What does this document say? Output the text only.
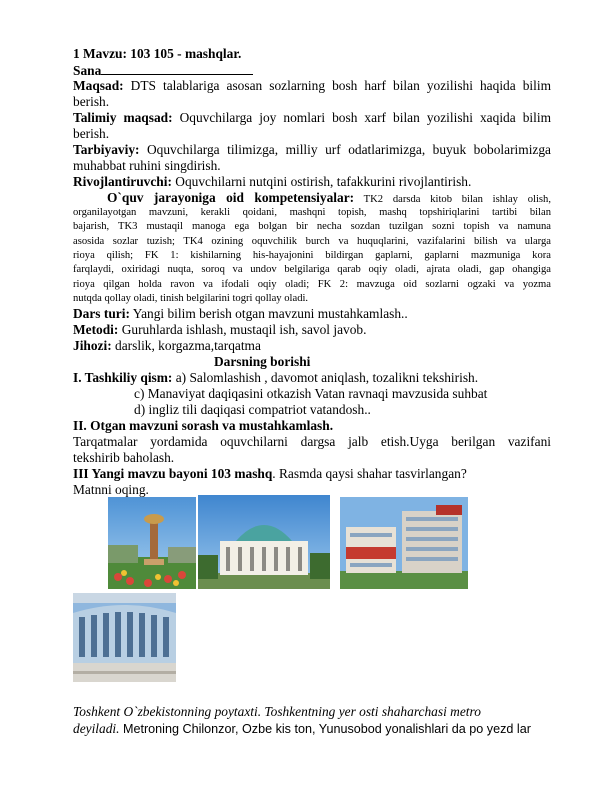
1 Mavzu: 103 105 - mashqlar.
Sana
Maqsad: DTS talablariga asosan sozlarning bosh harf bilan yozilishi haqida bilim
berish.
Talimiy maqsad: Oquvchilarga joy nomlari bosh xarf bilan yozilishi xaqida bilim
berish.
Tarbiyaviy: Oquvchilarga tilimizga, milliy urf odatlarimizga, buyuk bobolarimizga
muhabbat ruhini singdirish.
Rivojlantiruvchi: Oquvchilarni nutqini ostirish, tafakkurini rivojlantirish.
O`quv jarayoniga oid kompetensiyalar: TK2 darsda kitob bilan ishlay olish,
organilayotgan mavzuni, kerakli qoidani, mashqni topish, mashq topshiriqlarini tartibi bilan
bajarish, TK3 mustaqil manoga ega bolgan bir necha sozdan tuzilgan sozni topish va namuna
asosida sozlar tuzish; TK4 ozining oquvchilik burch va huquqlarini, vazifalarini bilish va ularga
rioya qilish; FK 1: kishilarning his-hayajonini bildirgan gaplarni, gaplarni mazmuniga kora
farqlaydi, oxiridagi nuqta, soroq va undov belgilariga qarab oqiy oladi, ajrata oladi, gap ohangiga
rioya qilgan holda ravon va ifodali oqiy oladi; FK 2: mavzuga oid sozlarni ogzaki va yozma
nutqda qollay oladi, tinish belgilarini togri qollay oladi.
Dars turi: Yangi bilim berish otgan mavzuni mustahkamlash..
Metodi: Guruhlarda ishlash, mustaqil ish, savol javob.
Jihozi: darslik, korgazma,tarqatma
Darsning borishi
I. Tashkiliy qism: a) Salomlashish , davomot aniqlash, tozalikni tekshirish.
c) Manaviyat daqiqasini otkazish Vatan ravnaqi mavzusida suhbat
d) ingliz tili daqiqasi compatriot vatandosh..
II. Otgan mavzuni sorash va mustahkamlash.
Tarqatmalar yordamida oquvchilarni dargsa jalb etish.Uyga berilgan vazifani
tekshirib baholash.
III Yangi mavzu bayoni 103 mashq. Rasmda qaysi shahar tasvirlangan?
Matnni oqing.
Toshkent O`zbekistonning poytaxti. Toshkentning yer osti shaharchasi metro
deyiladi. Metroning Chilonzor, Ozbe kis ton, Yunusobod yonalishlari da po yezd lar
